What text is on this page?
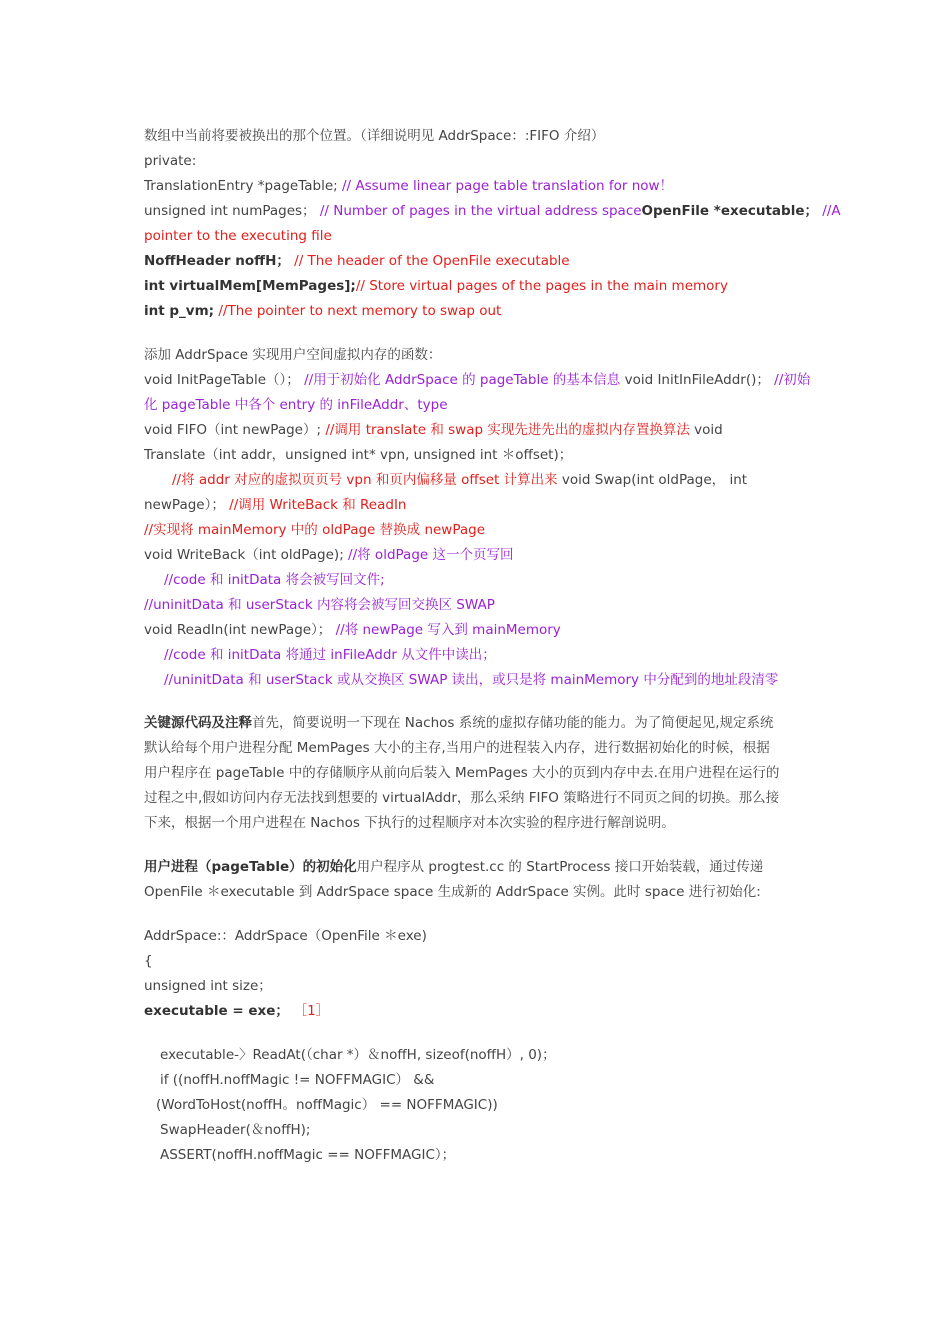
数组中当前将要被换出的那个位置。（详细说明见 AddrSpace：:FIFO 介绍）
private:
TranslationEntry *pageTable; // Assume linear page table translation for now！
unsigned int numPages； // Number of pages in the virtual address spaceOpenFile *executable； //A
pointer to the executing file
NoffHeader noffH； // The header of the OpenFile executable
int virtualMem[MemPages];// Store virtual pages of the pages in the main memory
int p_vm; //The pointer to next memory to swap out
添加 AddrSpace 实现用户空间虚拟内存的函数：
void InitPageTable（）； //用于初始化 AddrSpace 的 pageTable 的基本信息 void InitInFileAddr()； //初始
化 pageTable 中各个 entry 的 inFileAddr、type
void FIFO（int newPage）; //调用 translate 和 swap 实现先进先出的虚拟内存置换算法 void
Translate（int addr，unsigned int* vpn, unsigned int ＊offset)；
//将 addr 对应的虚拟页页号 vpn 和页内偏移量 offset 计算出来 void Swap(int oldPage， int
newPage）； //调用 WriteBack 和 ReadIn
//实现将 mainMemory 中的 oldPage 替换成 newPage
void WriteBack（int oldPage); //将 oldPage 这一个页写回
//code 和 initData 将会被写回文件;
//uninitData 和 userStack 内容将会被写回交换区 SWAP
void ReadIn(int newPage）； //将 newPage 写入到 mainMemory
//code 和 initData 将通过 inFileAddr 从文件中读出；
//uninitData 和 userStack 或从交换区 SWAP 读出，或只是将 mainMemory 中分配到的地址段清零
关键源代码及注释首先，简要说明一下现在 Nachos 系统的虚拟存储功能的能力。为了简便起见,规定系统
默认给每个用户进程分配 MemPages 大小的主存,当用户的进程装入内存，进行数据初始化的时候，根据
用户程序在 pageTable 中的存储顺序从前向后装入 MemPages 大小的页到内存中去.在用户进程在运行的
过程之中,假如访问内存无法找到想要的 virtualAddr，那么采纳 FIFO 策略进行不同页之间的切换。那么接
下来，根据一个用户进程在 Nachos 下执行的过程顺序对本次实验的程序进行解剖说明。
用户进程（pageTable）的初始化用户程序从 progtest.cc 的 StartProcess 接口开始装载，通过传递
OpenFile ＊executable 到 AddrSpace space 生成新的 AddrSpace 实例。此时 space 进行初始化:
AddrSpace:：AddrSpace（OpenFile ＊exe)
{
unsigned int size；
executable = exe； ［1］
executable-〉ReadAt(（char *）＆noffH, sizeof(noffH）, 0)；
if ((noffH.noffMagic != NOFFMAGIC） &&
(WordToHost(noffH。noffMagic） == NOFFMAGIC))
SwapHeader(＆noffH);
ASSERT(noffH.noffMagic == NOFFMAGIC）；
